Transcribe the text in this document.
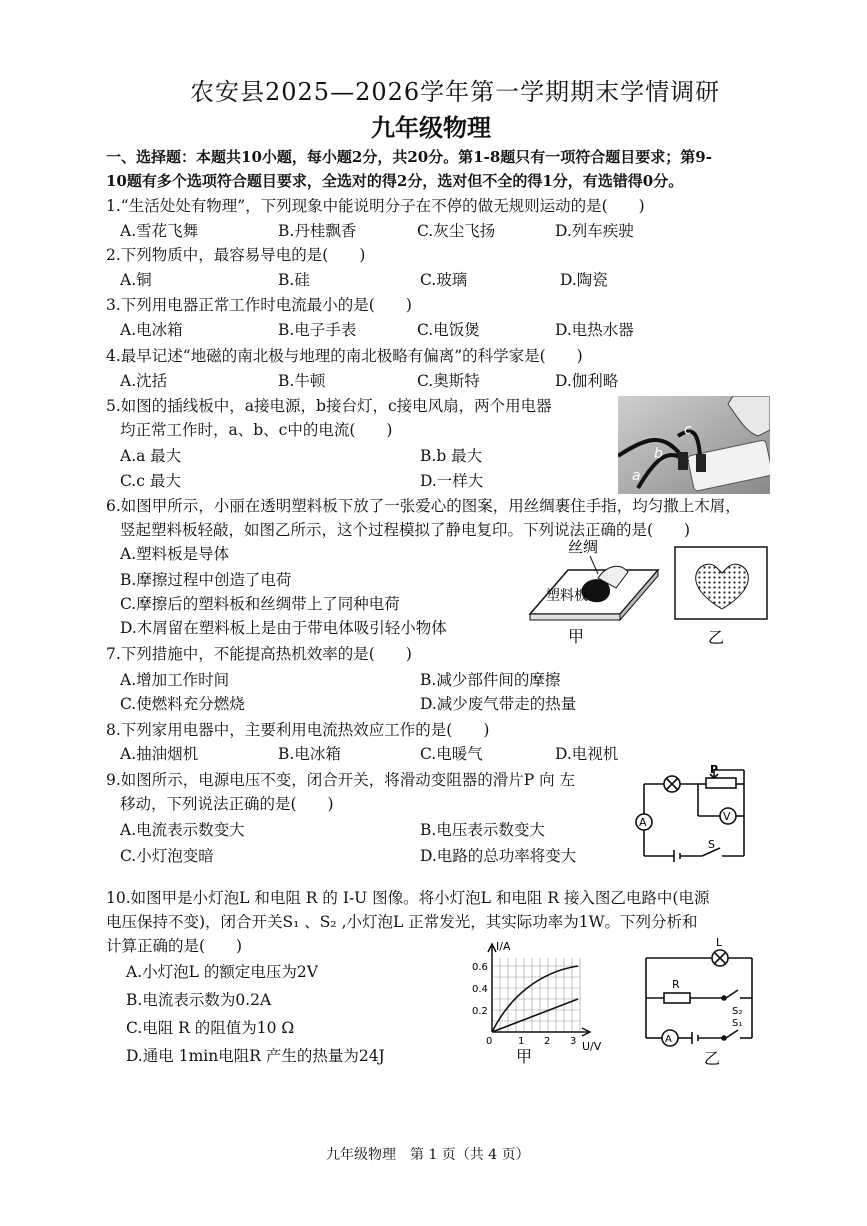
农安县2025—2026学年第一学期期末学情调研
九年级物理
一、选择题：本题共10小题，每小题2分，共20分。第1-8题只有一项符合题目要求；第9-
10题有多个选项符合题目要求，全选对的得2分，选对但不全的得1分，有选错得0分。
1.“生活处处有物理”，下列现象中能说明分子在不停的做无规则运动的是(　　)
A.雪花飞舞	B.丹桂飘香	C.灰尘飞扬	D.列车疾驶
2.下列物质中，最容易导电的是(　　)
A.铜	B.硅	C.玻璃	D.陶瓷
3.下列用电器正常工作时电流最小的是(　　)
A.电冰箱	B.电子手表	C.电饭煲	D.电热水器
4.最早记述“地磁的南北极与地理的南北极略有偏离”的科学家是(　　)
A.沈括	B.牛顿	C.奥斯特	D.伽利略
5.如图的插线板中，a接电源，b接台灯，c接电风扇，两个用电器
均正常工作时，a、b、c中的电流(　　)
A.a 最大	B.b 最大
C.c 最大	D.一样大	a
b
c
6.如图甲所示，小丽在透明塑料板下放了一张爱心的图案，用丝绸裹住手指，均匀撒上木屑，
竖起塑料板轻敲，如图乙所示，这个过程模拟了静电复印。下列说法正确的是(　　)
A.塑料板是导体
B.摩擦过程中创造了电荷
C.摩擦后的塑料板和丝绸带上了同种电荷
D.木屑留在塑料板上是由于带电体吸引轻小物体
丝绸
塑料板
甲	乙
7.下列措施中，不能提高热机效率的是(　　)
A.增加工作时间	B.减少部件间的摩擦
C.使燃料充分燃烧	D.减少废气带走的热量
8.下列家用电器中，主要利用电流热效应工作的是(　　)
A.抽油烟机	B.电冰箱	C.电暖气	D.电视机
9.如图所示，电源电压不变，闭合开关，将滑动变阻器的滑片P 向 左
移动，下列说法正确的是(　　)
A.电流表示数变大	B.电压表示数变大
C.小灯泡变暗	D.电路的总功率将变大
P
A	V
S
10.如图甲是小灯泡L 和电阻 R 的 I-U 图像。将小灯泡L 和电阻 R 接入图乙电路中(电源
电压保持不变)，闭合开关S₁ 、S₂ ,小灯泡L 正常发光，其实际功率为1W。下列分析和
计算正确的是(　　)
A.小灯泡L 的额定电压为2V
B.电流表示数为0.2A
C.电阻 R 的阻值为10 Ω
D.通电 1min电阻R 产生的热量为24J
I/A
U/V
0.6
0.4
0.2
0	1 2 3
甲
L
R
S₂
S₁
A
乙
九年级物理　第 1 页（共 4 页）
